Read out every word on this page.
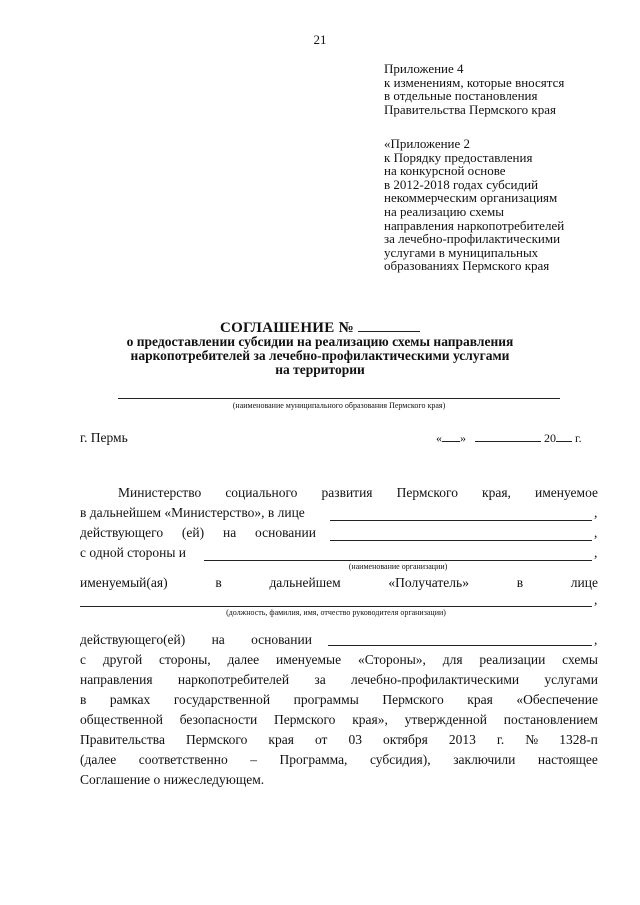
21
Приложение 4
к изменениям, которые вносятся
в отдельные постановления
Правительства Пермского края
«Приложение 2
к Порядку предоставления
на конкурсной основе
в 2012-2018 годах субсидий
некоммерческим организациям
на реализацию схемы
направления наркопотребителей
за лечебно-профилактическими
услугами в муниципальных
образованиях Пермского края
СОГЛАШЕНИЕ №
о предоставлении субсидии на реализацию схемы направления
наркопотребителей за лечебно-профилактическими услугами
на территории
(наименование муниципального образования Пермского края)
г. Пермь	« »	20 г.
Министерство социального развития Пермского края, именуемое
в дальнейшем «Министерство», в лице	,
действующего (ей) на основании	,
с одной стороны и	,
(наименование организации)
именуемый(ая)	в	дальнейшем	«Получатель»	в	лице
,
(должность, фамилия, имя, отчество руководителя организации)
действующего(ей) на основании	,
с другой стороны, далее именуемые «Стороны», для реализации схемы
направления наркопотребителей за лечебно-профилактическими услугами
в рамках государственной программы Пермского края «Обеспечение
общественной безопасности Пермского края», утвержденной постановлением
Правительства Пермского края от 03 октября 2013 г. № 1328-п
(далее соответственно – Программа, субсидия), заключили настоящее
Соглашение о нижеследующем.
